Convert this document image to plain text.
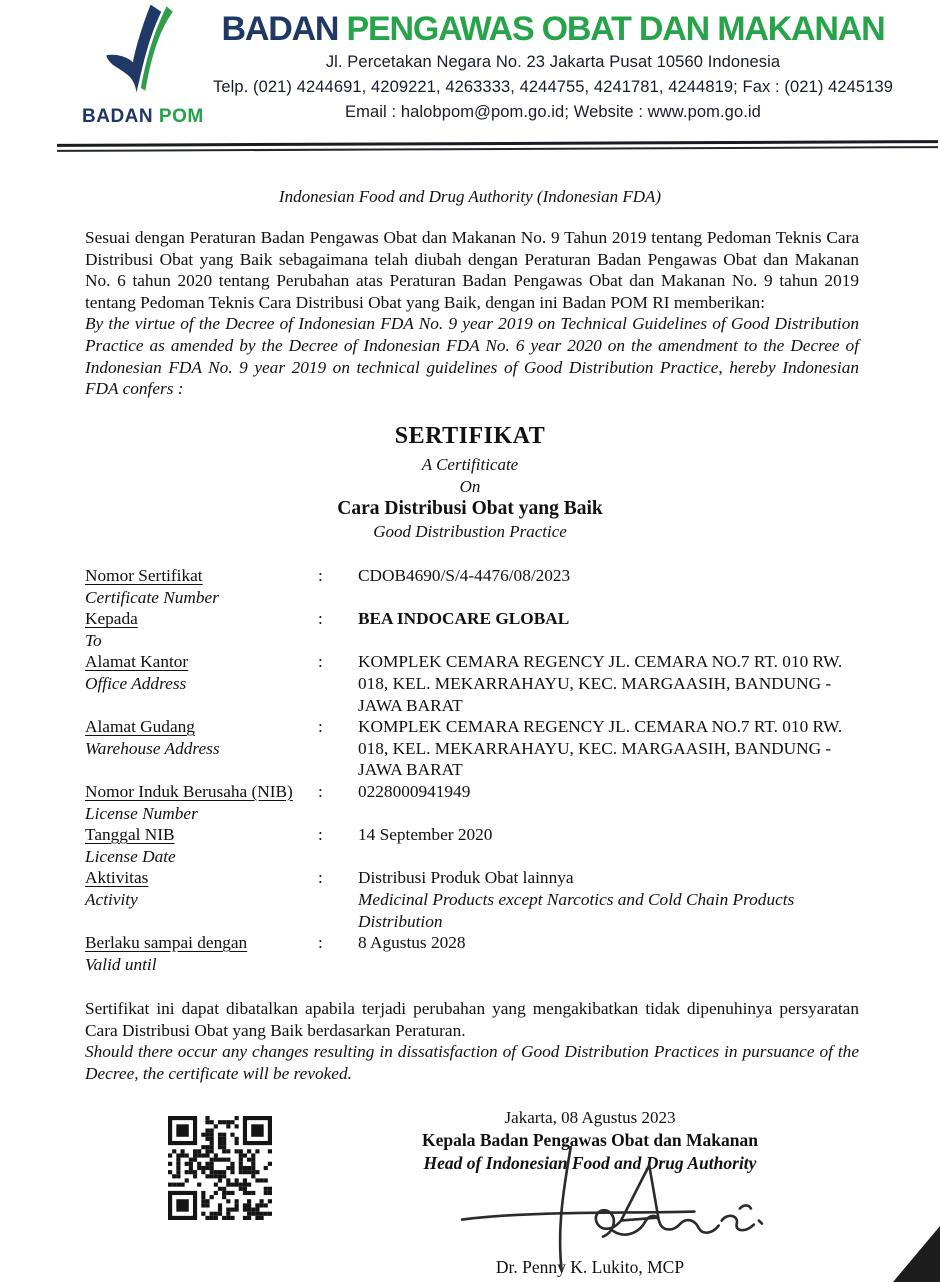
BADAN POM
BADAN PENGAWAS OBAT DAN MAKANAN
Jl. Percetakan Negara No. 23 Jakarta Pusat 10560 Indonesia
Telp. (021) 4244691, 4209221, 4263333, 4244755, 4241781, 4244819; Fax : (021) 4245139
Email : halobpom@pom.go.id; Website : www.pom.go.id
Indonesian Food and Drug Authority (Indonesian FDA)

Sesuai dengan Peraturan Badan Pengawas Obat dan Makanan No. 9 Tahun 2019 tentang Pedoman Teknis Cara Distribusi Obat yang Baik sebagaimana telah diubah dengan Peraturan Badan Pengawas Obat dan Makanan No. 6 tahun 2020 tentang Perubahan atas Peraturan Badan Pengawas Obat dan Makanan No. 9 tahun 2019 tentang Pedoman Teknis Cara Distribusi Obat yang Baik, dengan ini Badan POM RI memberikan:

By the virtue of the Decree of Indonesian FDA No. 9 year 2019 on Technical Guidelines of Good Distribution Practice as amended by the Decree of Indonesian FDA No. 6 year 2020 on the amendment to the Decree of Indonesian FDA No. 9 year 2019 on technical guidelines of Good Distribution Practice, hereby Indonesian FDA confers :

SERTIFIKAT
A Certifiticate
On
Cara Distribusi Obat yang Baik
Good Distribustion Practice
Nomor Sertifikat
Certificate Number
:	CDOB4690/S/4-4476/08/2023
Kepada
To
:	BEA INDOCARE GLOBAL
Alamat Kantor
Office Address
:	KOMPLEK CEMARA REGENCY JL. CEMARA NO.7 RT. 010 RW. 018, KEL. MEKARRAHAYU, KEC. MARGAASIH, BANDUNG - JAWA BARAT
Alamat Gudang
Warehouse Address
:	KOMPLEK CEMARA REGENCY JL. CEMARA NO.7 RT. 010 RW. 018, KEL. MEKARRAHAYU, KEC. MARGAASIH, BANDUNG - JAWA BARAT
Nomor Induk Berusaha (NIB)
License Number
:	0228000941949
Tanggal NIB
License Date
:	14 September 2020
Aktivitas
Activity
:	Distribusi Produk Obat lainnya
Medicinal Products except Narcotics and Cold Chain Products Distribution
Berlaku sampai dengan
Valid until
:	8 Agustus 2028

Sertifikat ini dapat dibatalkan apabila terjadi perubahan yang mengakibatkan tidak dipenuhinya persyaratan Cara Distribusi Obat yang Baik berdasarkan Peraturan.

Should there occur any changes resulting in dissatisfaction of Good Distribution Practices in pursuance of the Decree, the certificate will be revoked.

Jakarta, 08 Agustus 2023
Kepala Badan Pengawas Obat dan Makanan
Head of Indonesian Food and Drug Authority
Dr. Penny K. Lukito, MCP
